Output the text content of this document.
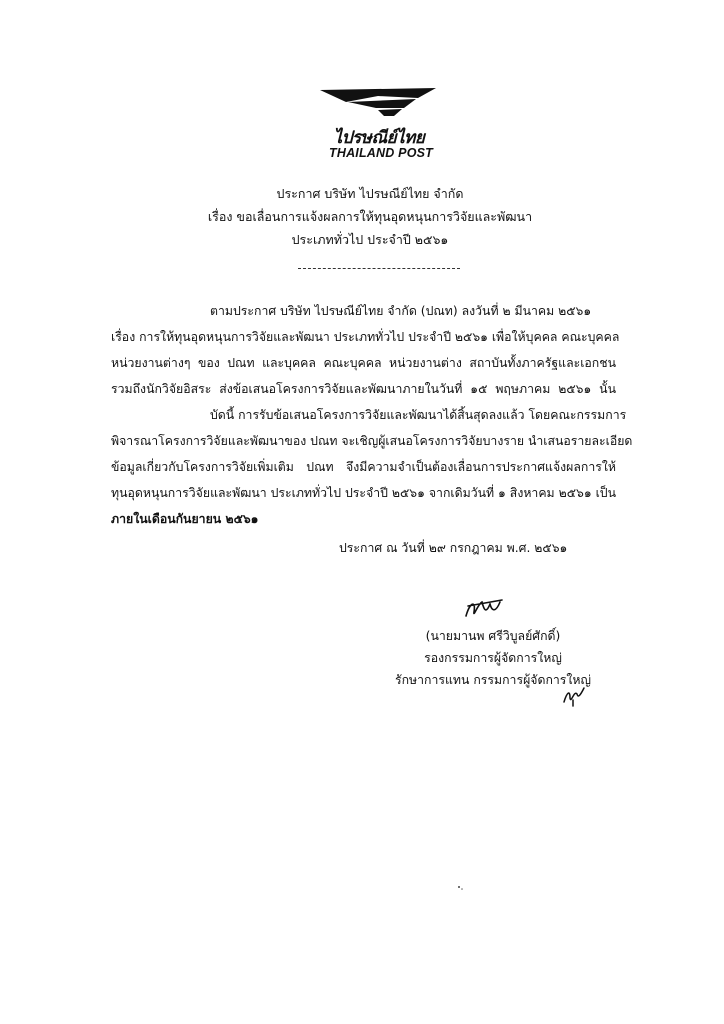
ไปรษณีย์ไทย
THAILAND POST
ประกาศ บริษัท ไปรษณีย์ไทย จำกัด
เรื่อง ขอเลื่อนการแจ้งผลการให้ทุนอุดหนุนการวิจัยและพัฒนา
ประเภททั่วไป ประจำปี ๒๕๖๑
ตามประกาศ บริษัท ไปรษณีย์ไทย จำกัด (ปณท) ลงวันที่ ๒ มีนาคม ๒๕๖๑
เรื่อง การให้ทุนอุดหนุนการวิจัยและพัฒนา ประเภททั่วไป ประจำปี ๒๕๖๑ เพื่อให้บุคคล คณะบุคคล
หน่วยงานต่างๆ ของ ปณท และบุคคล คณะบุคคล หน่วยงานต่าง สถาบันทั้งภาครัฐและเอกชน
รวมถึงนักวิจัยอิสระ ส่งข้อเสนอโครงการวิจัยและพัฒนาภายในวันที่ ๑๕ พฤษภาคม ๒๕๖๑ นั้น
บัดนี้ การรับข้อเสนอโครงการวิจัยและพัฒนาได้สิ้นสุดลงแล้ว โดยคณะกรรมการ
พิจารณาโครงการวิจัยและพัฒนาของ ปณท จะเชิญผู้เสนอโครงการวิจัยบางราย นำเสนอรายละเอียด
ข้อมูลเกี่ยวกับโครงการวิจัยเพิ่มเติม ปณท จึงมีความจำเป็นต้องเลื่อนการประกาศแจ้งผลการให้
ทุนอุดหนุนการวิจัยและพัฒนา ประเภททั่วไป ประจำปี ๒๕๖๑ จากเดิมวันที่ ๑ สิงหาคม ๒๕๖๑ เป็น
ภายในเดือนกันยายน ๒๕๖๑
ประกาศ ณ วันที่ ๒๙ กรกฎาคม พ.ศ. ๒๕๖๑
(นายมานพ ศรีวิบูลย์ศักดิ์)
รองกรรมการผู้จัดการใหญ่
รักษาการแทน กรรมการผู้จัดการใหญ่
